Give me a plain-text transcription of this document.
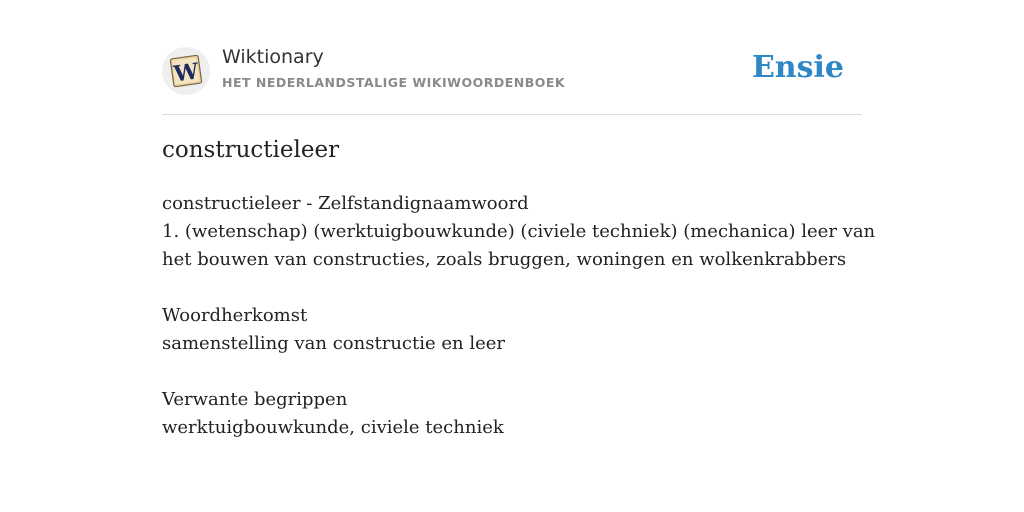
W
Wiktionary
HET NEDERLANDSTALIGE WIKIWOORDENBOEK	Ensie
constructieleer
constructieleer - Zelfstandignaamwoord
1. (wetenschap) (werktuigbouwkunde) (civiele techniek) (mechanica) leer van
het bouwen van constructies, zoals bruggen, woningen en wolkenkrabbers
Woordherkomst
samenstelling van constructie en leer
Verwante begrippen
werktuigbouwkunde, civiele techniek
